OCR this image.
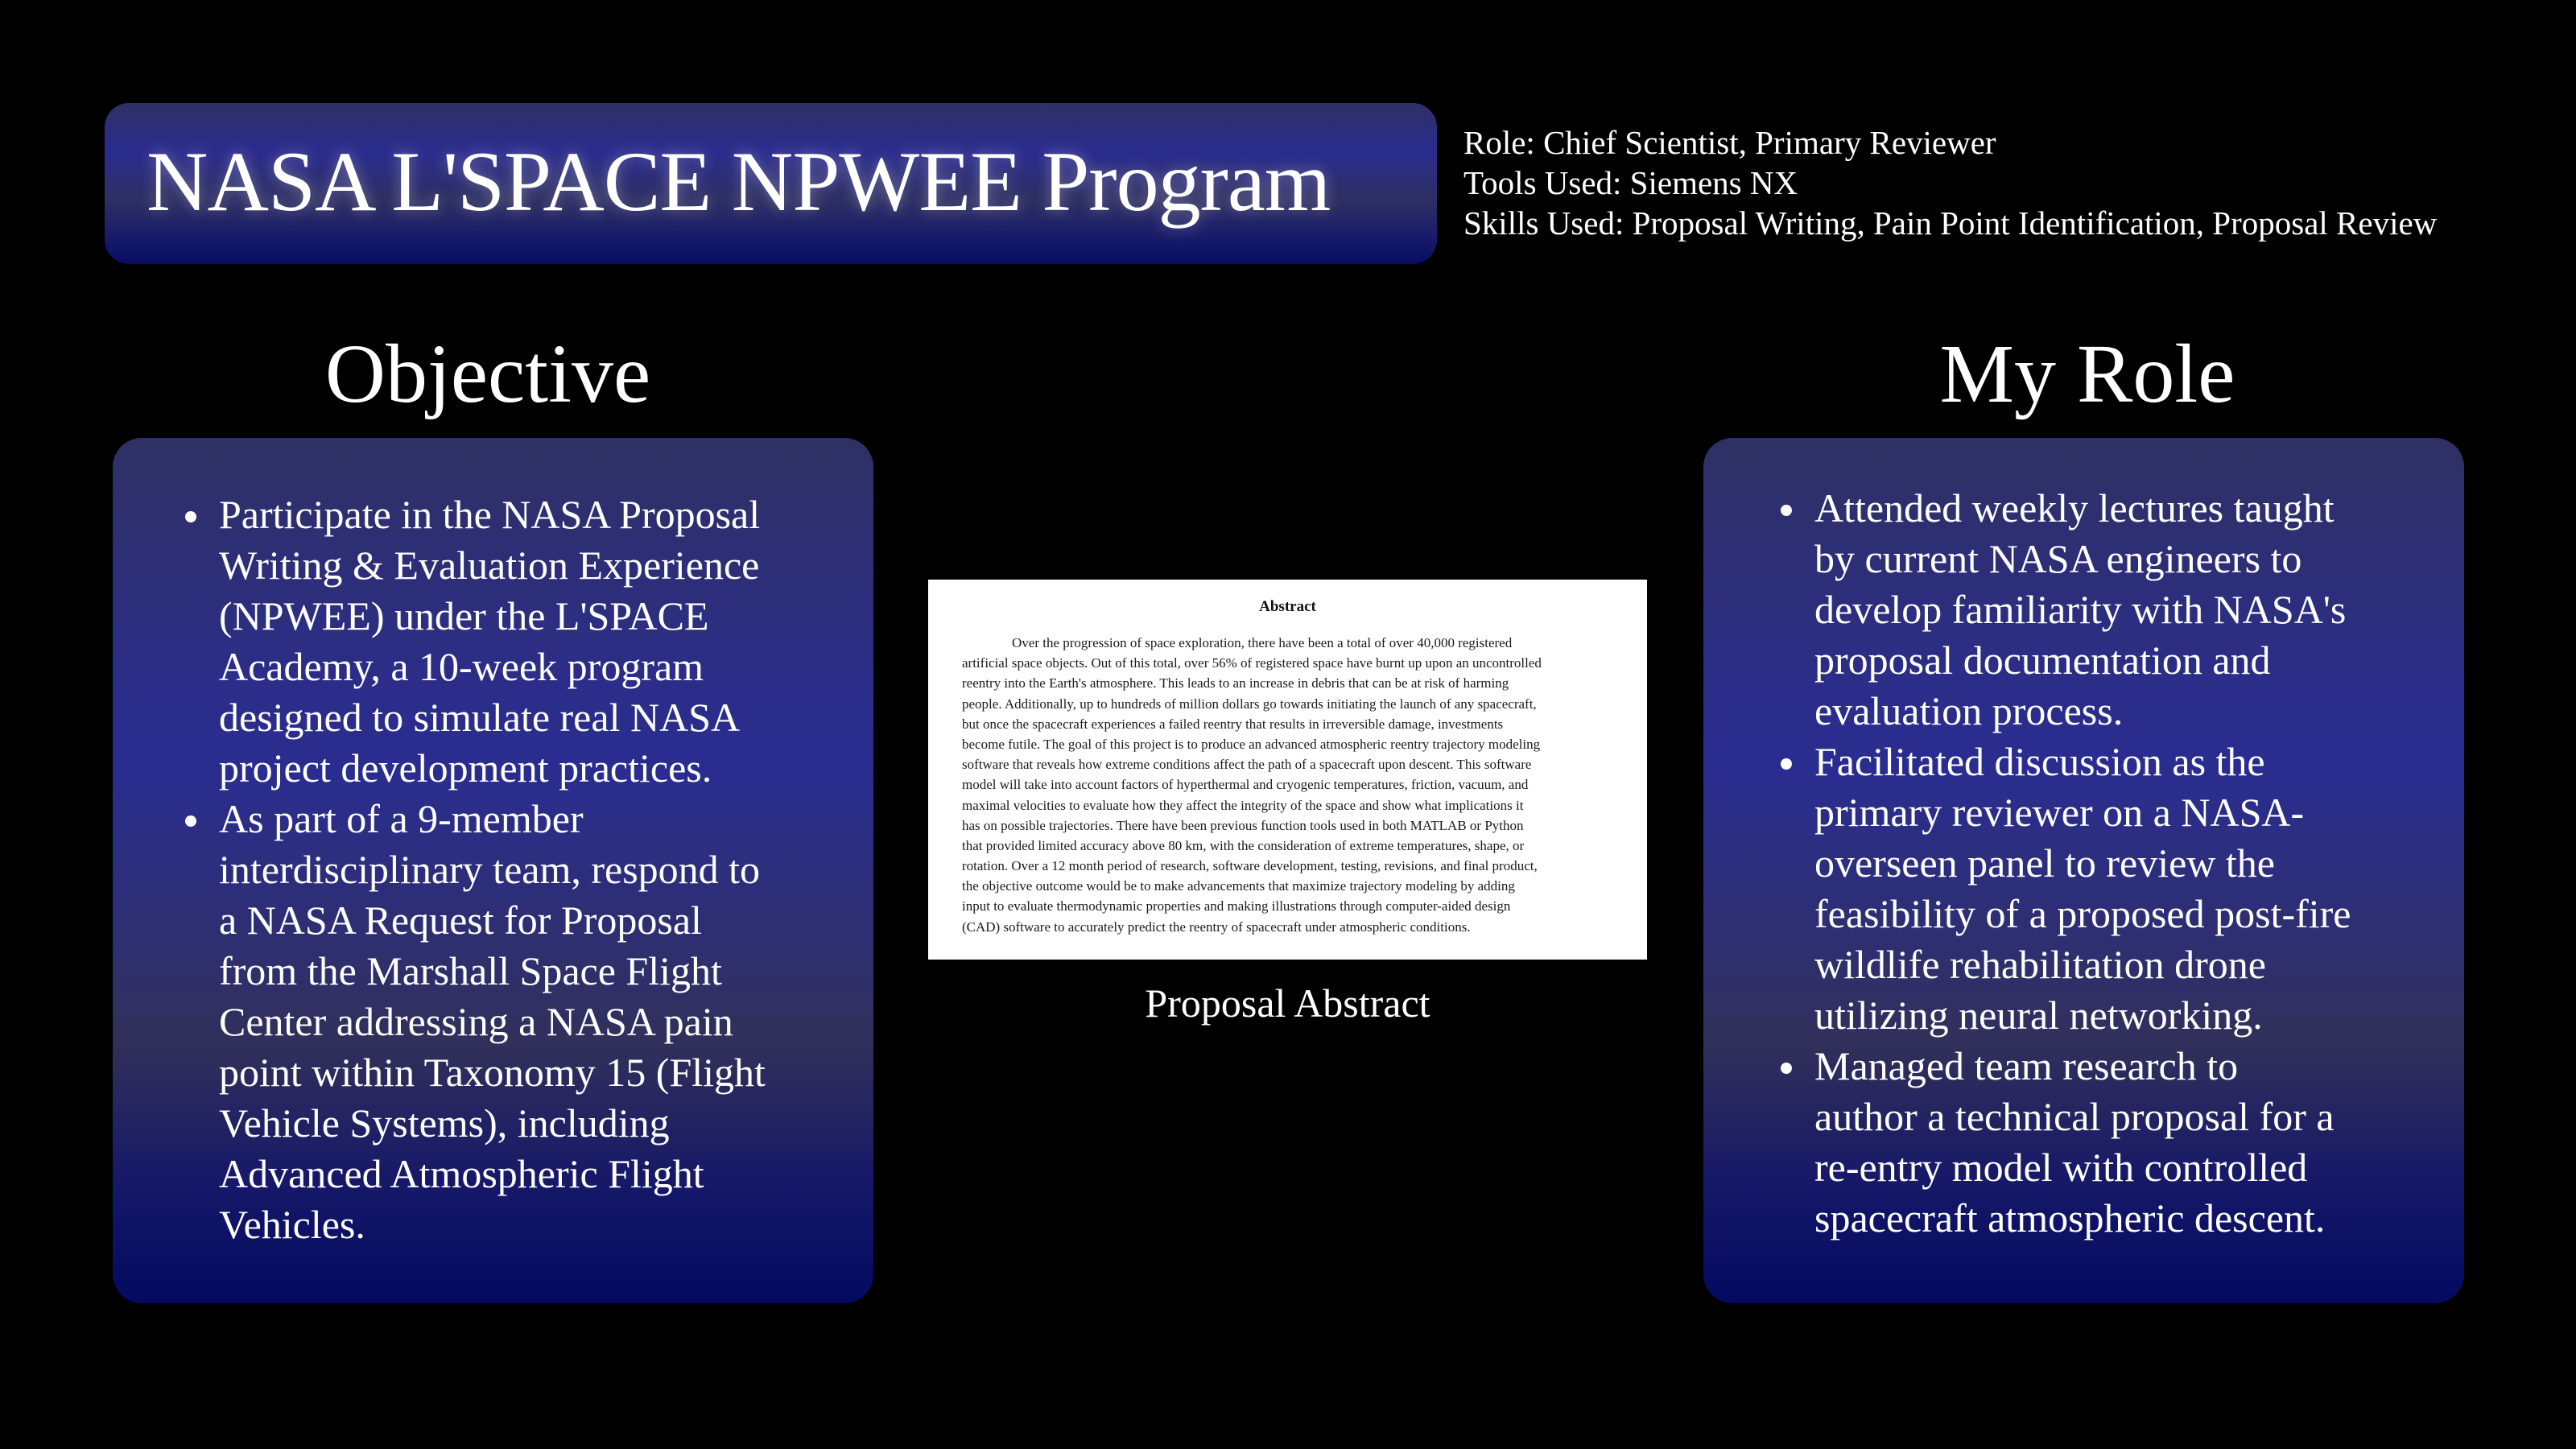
NASA L'SPACE NPWEE Program	Role: Chief Scientist, Primary Reviewer
Tools Used: Siemens NX
Skills Used: Proposal Writing, Pain Point Identification, Proposal Review
Objective	My Role
Participate in the NASA Proposal
Writing & Evaluation Experience
(NPWEE) under the L'SPACE
Academy, a 10-week program
designed to simulate real NASA
project development practices.
As part of a 9-member
interdisciplinary team, respond to
a NASA Request for Proposal
from the Marshall Space Flight
Center addressing a NASA pain
point within Taxonomy 15 (Flight
Vehicle Systems), including
Advanced Atmospheric Flight
Vehicles.
Abstract
Over the progression of space exploration, there have been a total of over 40,000 registered
artificial space objects. Out of this total, over 56% of registered space have burnt up upon an uncontrolled
reentry into the Earth's atmosphere. This leads to an increase in debris that can be at risk of harming
people. Additionally, up to hundreds of million dollars go towards initiating the launch of any spacecraft,
but once the spacecraft experiences a failed reentry that results in irreversible damage, investments
become futile. The goal of this project is to produce an advanced atmospheric reentry trajectory modeling
software that reveals how extreme conditions affect the path of a spacecraft upon descent. This software
model will take into account factors of hyperthermal and cryogenic temperatures, friction, vacuum, and
maximal velocities to evaluate how they affect the integrity of the space and show what implications it
has on possible trajectories. There have been previous function tools used in both MATLAB or Python
that provided limited accuracy above 80 km, with the consideration of extreme temperatures, shape, or
rotation. Over a 12 month period of research, software development, testing, revisions, and final product,
the objective outcome would be to make advancements that maximize trajectory modeling by adding
input to evaluate thermodynamic properties and making illustrations through computer-aided design
(CAD) software to accurately predict the reentry of spacecraft under atmospheric conditions.
Proposal Abstract
Attended weekly lectures taught
by current NASA engineers to
develop familiarity with NASA's
proposal documentation and
evaluation process.
Facilitated discussion as the
primary reviewer on a NASA-
overseen panel to review the
feasibility of a proposed post-fire
wildlife rehabilitation drone
utilizing neural networking.
Managed team research to
author a technical proposal for a
re-entry model with controlled
spacecraft atmospheric descent.
